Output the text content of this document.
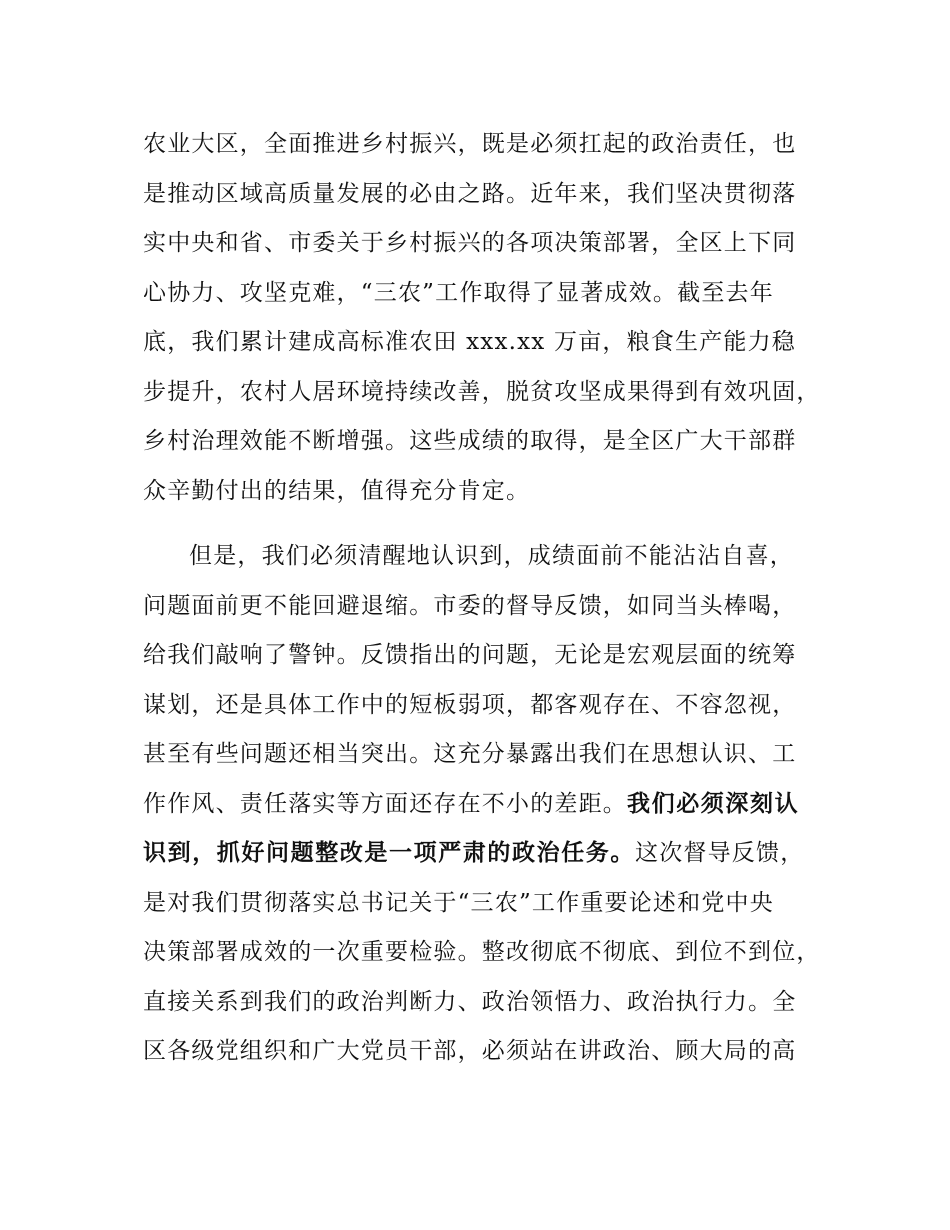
农业大区，全面推进乡村振兴，既是必须扛起的政治责任，也
是推动区域高质量发展的必由之路。近年来，我们坚决贯彻落
实中央和省、市委关于乡村振兴的各项决策部署，全区上下同
心协力、攻坚克难，“三农”工作取得了显著成效。截至去年
底，我们累计建成高标准农田 xxx.xx 万亩，粮食生产能力稳
步提升，农村人居环境持续改善，脱贫攻坚成果得到有效巩固，
乡村治理效能不断增强。这些成绩的取得，是全区广大干部群
众辛勤付出的结果，值得充分肯定。
但是，我们必须清醒地认识到，成绩面前不能沾沾自喜，
问题面前更不能回避退缩。市委的督导反馈，如同当头棒喝，
给我们敲响了警钟。反馈指出的问题，无论是宏观层面的统筹
谋划，还是具体工作中的短板弱项，都客观存在、不容忽视，
甚至有些问题还相当突出。这充分暴露出我们在思想认识、工
作作风、责任落实等方面还存在不小的差距。我们必须深刻认
识到，抓好问题整改是一项严肃的政治任务。这次督导反馈，
是对我们贯彻落实总书记关于“三农”工作重要论述和党中央
决策部署成效的一次重要检验。整改彻底不彻底、到位不到位，
直接关系到我们的政治判断力、政治领悟力、政治执行力。全
区各级党组织和广大党员干部，必须站在讲政治、顾大局的高
